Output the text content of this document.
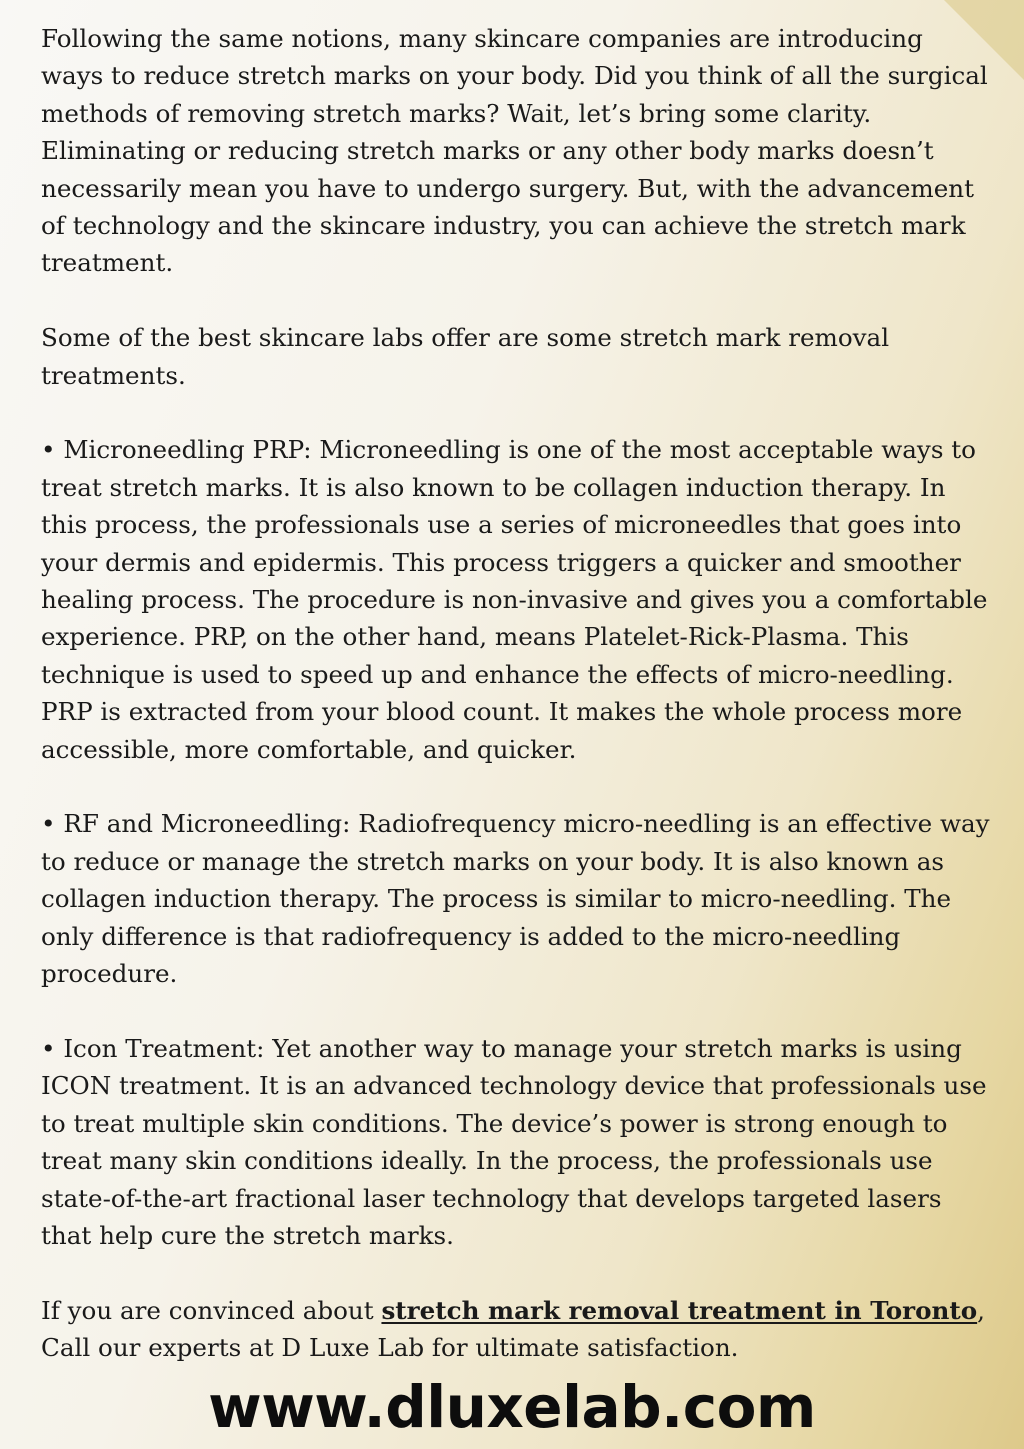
Following the same notions, many skincare companies are introducing ways to reduce stretch marks on your body. Did you think of all the surgical methods of removing stretch marks? Wait, let’s bring some clarity. Eliminating or reducing stretch marks or any other body marks doesn’t necessarily mean you have to undergo surgery. But, with the advancement of technology and the skincare industry, you can achieve the stretch mark treatment.

Some of the best skincare labs offer are some stretch mark removal treatments.

• Microneedling PRP: Microneedling is one of the most acceptable ways to treat stretch marks. It is also known to be collagen induction therapy. In this process, the professionals use a series of microneedles that goes into your dermis and epidermis. This process triggers a quicker and smoother healing process. The procedure is non-invasive and gives you a comfortable experience. PRP, on the other hand, means Platelet-Rick-Plasma. This technique is used to speed up and enhance the effects of micro-needling. PRP is extracted from your blood count. It makes the whole process more accessible, more comfortable, and quicker.

• RF and Microneedling: Radiofrequency micro-needling is an effective way to reduce or manage the stretch marks on your body. It is also known as collagen induction therapy. The process is similar to micro-needling. The only difference is that radiofrequency is added to the micro-needling procedure.

• Icon Treatment: Yet another way to manage your stretch marks is using ICON treatment. It is an advanced technology device that professionals use to treat multiple skin conditions. The device’s power is strong enough to treat many skin conditions ideally. In the process, the professionals use state-of-the-art fractional laser technology that develops targeted lasers that help cure the stretch marks.

If you are convinced about stretch mark removal treatment in Toronto,
Call our experts at D Luxe Lab for ultimate satisfaction.

www.dluxelab.com
